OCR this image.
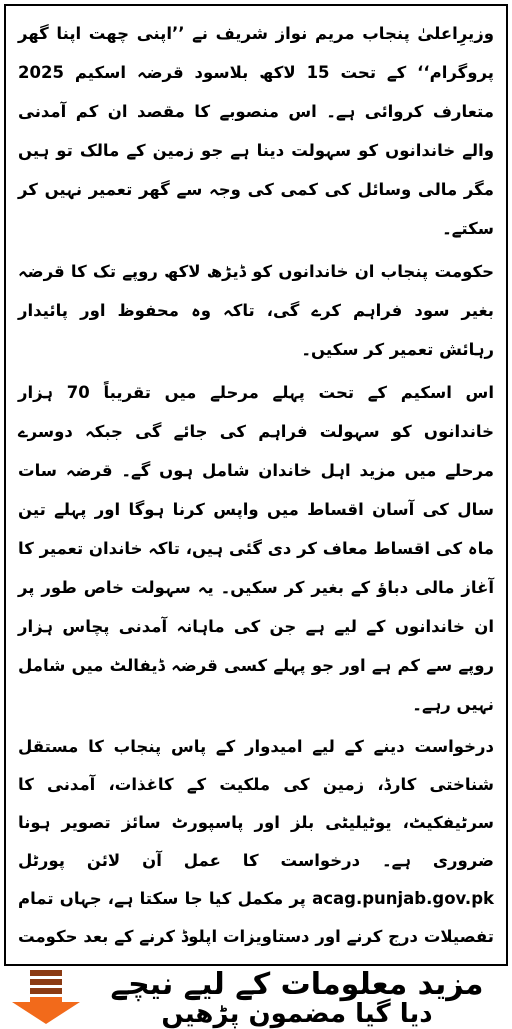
وزیرِاعلیٰ پنجاب مریم نواز شریف نے ’’اپنی چھت اپنا گھر پروگرام‘‘ کے تحت 15 لاکھ بلاسود قرضہ اسکیم 2025 متعارف کروائی ہے۔ اس منصوبے کا مقصد ان کم آمدنی والے خاندانوں کو سہولت دینا ہے جو زمین کے مالک تو ہیں مگر مالی وسائل کی کمی کی وجہ سے گھر تعمیر نہیں کر سکتے۔

حکومت پنجاب ان خاندانوں کو ڈیڑھ لاکھ روپے تک کا قرضہ بغیر سود فراہم کرے گی، تاکہ وہ محفوظ اور پائیدار رہائش تعمیر کر سکیں۔

اس اسکیم کے تحت پہلے مرحلے میں تقریباً 70 ہزار خاندانوں کو سہولت فراہم کی جائے گی جبکہ دوسرے مرحلے میں مزید اہل خاندان شامل ہوں گے۔ قرضہ سات سال کی آسان اقساط میں واپس کرنا ہوگا اور پہلے تین ماہ کی اقساط معاف کر دی گئی ہیں، تاکہ خاندان تعمیر کا آغاز مالی دباؤ کے بغیر کر سکیں۔ یہ سہولت خاص طور پر ان خاندانوں کے لیے ہے جن کی ماہانہ آمدنی پچاس ہزار روپے سے کم ہے اور جو پہلے کسی قرضہ ڈیفالٹ میں شامل نہیں رہے۔

درخواست دینے کے لیے امیدوار کے پاس پنجاب کا مستقل شناختی کارڈ، زمین کی ملکیت کے کاغذات، آمدنی کا سرٹیفکیٹ، یوٹیلیٹی بلز اور پاسپورٹ سائز تصویر ہونا ضروری ہے۔ درخواست کا عمل آن لائن پورٹل acag.punjab.gov.pk پر مکمل کیا جا سکتا ہے، جہاں تمام تفصیلات درج کرنے اور دستاویزات اپلوڈ کرنے کے بعد حکومت

مزید معلومات کے لیے نیچے
دیا گیا مضمون پڑھیں
